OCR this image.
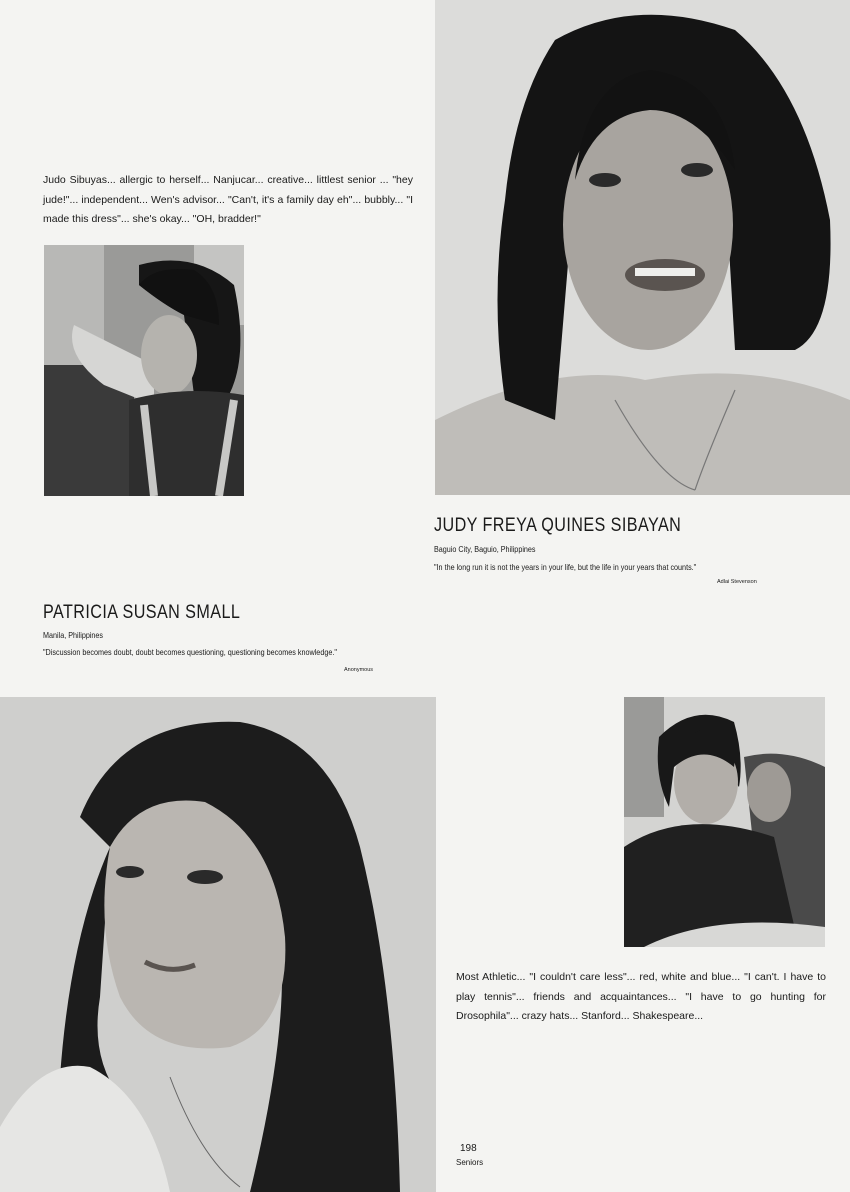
Judo Sibuyas... allergic to herself... Nanjucar... creative... littlest senior ... "hey jude!"... independent... Wen's advisor... "Can't, it's a family day eh"... bubbly... "I made this dress"... she's okay... "OH, bradder!"
JUDY FREYA QUINES SIBAYAN
Baguio City, Baguio, Philippines
"In the long run it is not the years in your life, but the life in your years that counts."
Adlai Stevenson
PATRICIA SUSAN SMALL
Manila, Philippines
"Discussion becomes doubt, doubt becomes questioning, questioning becomes knowledge."
Anonymous
Most Athletic... "I couldn't care less"... red, white and blue... "I can't. I have to play tennis"... friends and acquaintances... "I have to go hunting for Drosophila"... crazy hats... Stanford... Shakespeare...
198
Seniors
